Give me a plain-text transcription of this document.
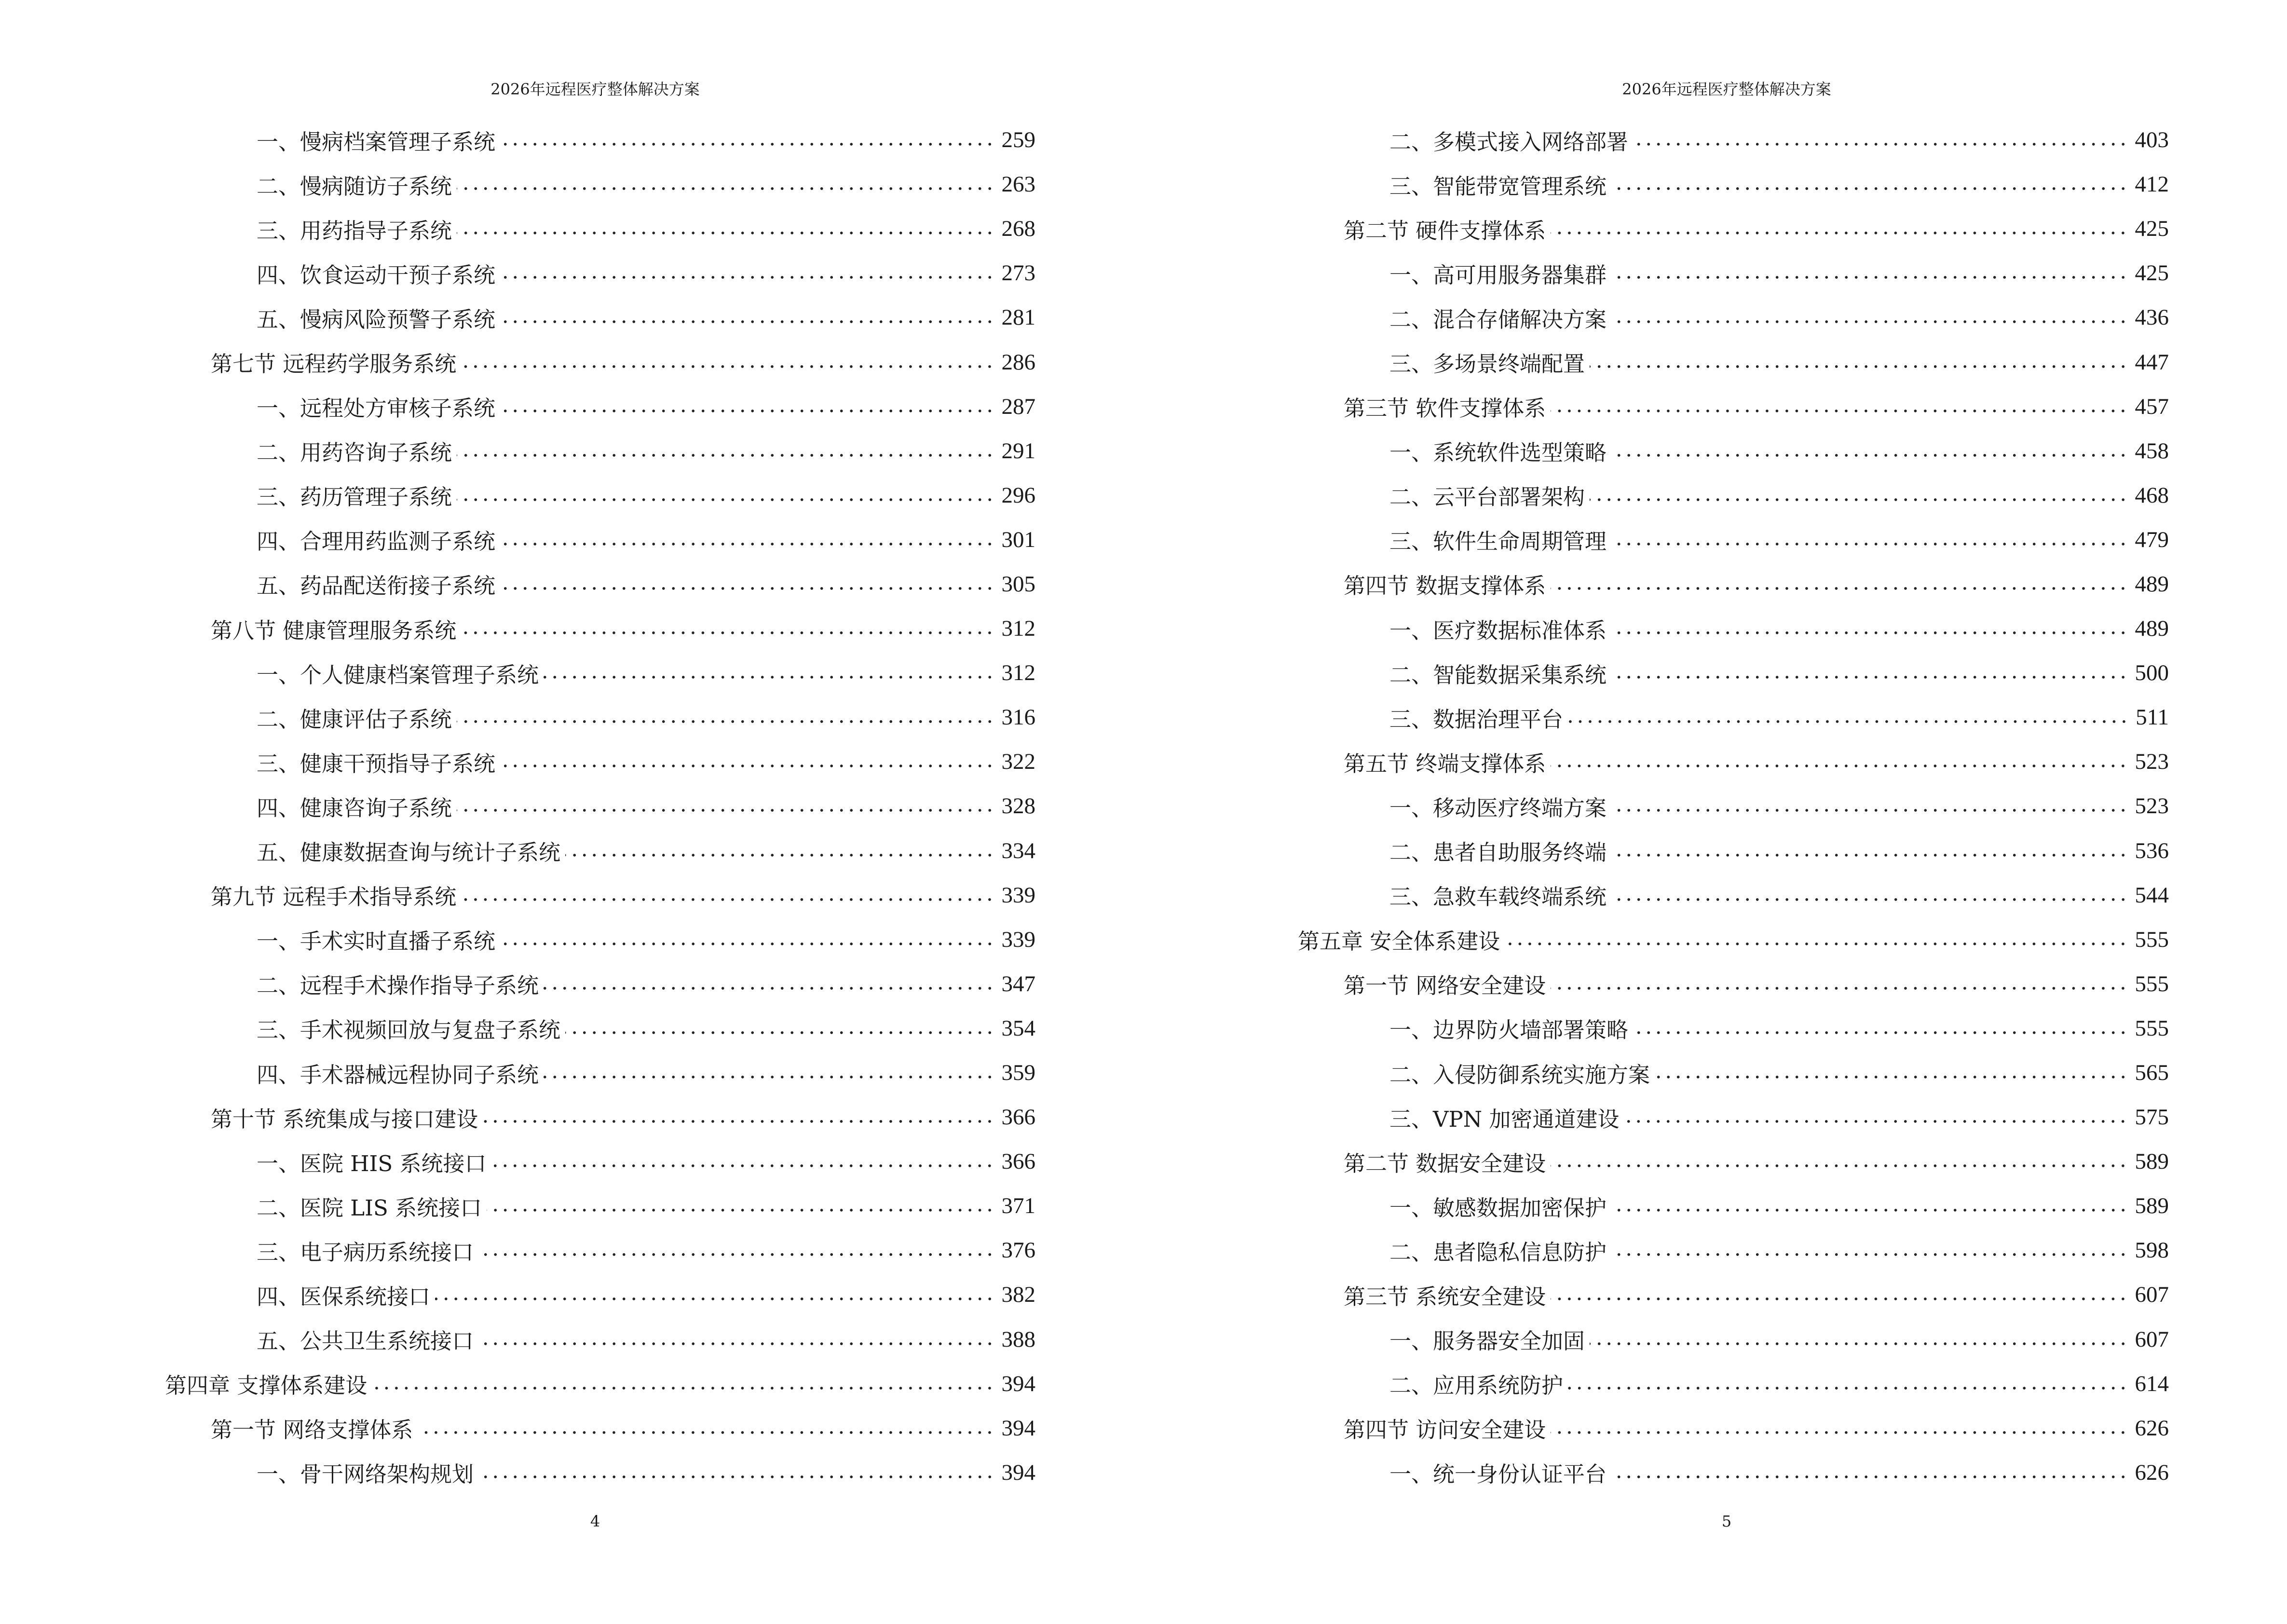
2026年远程医疗整体解决方案
一、慢病档案管理子系统	259
二、慢病随访子系统	263
三、用药指导子系统	268
四、饮食运动干预子系统	273
五、慢病风险预警子系统	281
第七节 远程药学服务系统	286
一、远程处方审核子系统	287
二、用药咨询子系统	291
三、药历管理子系统	296
四、合理用药监测子系统	301
五、药品配送衔接子系统	305
第八节 健康管理服务系统	312
一、个人健康档案管理子系统	312
二、健康评估子系统	316
三、健康干预指导子系统	322
四、健康咨询子系统	328
五、健康数据查询与统计子系统	334
第九节 远程手术指导系统	339
一、手术实时直播子系统	339
二、远程手术操作指导子系统	347
三、手术视频回放与复盘子系统	354
四、手术器械远程协同子系统	359
第十节 系统集成与接口建设	366
一、医院 HIS 系统接口	366
二、医院 LIS 系统接口	371
三、电子病历系统接口	376
四、医保系统接口	382
五、公共卫生系统接口	388
第四章 支撑体系建设	394
第一节 网络支撑体系	394
一、骨干网络架构规划	394
4
2026年远程医疗整体解决方案
二、多模式接入网络部署	403
三、智能带宽管理系统	412
第二节 硬件支撑体系	425
一、高可用服务器集群	425
二、混合存储解决方案	436
三、多场景终端配置	447
第三节 软件支撑体系	457
一、系统软件选型策略	458
二、云平台部署架构	468
三、软件生命周期管理	479
第四节 数据支撑体系	489
一、医疗数据标准体系	489
二、智能数据采集系统	500
三、数据治理平台	511
第五节 终端支撑体系	523
一、移动医疗终端方案	523
二、患者自助服务终端	536
三、急救车载终端系统	544
第五章 安全体系建设	555
第一节 网络安全建设	555
一、边界防火墙部署策略	555
二、入侵防御系统实施方案	565
三、VPN 加密通道建设	575
第二节 数据安全建设	589
一、敏感数据加密保护	589
二、患者隐私信息防护	598
第三节 系统安全建设	607
一、服务器安全加固	607
二、应用系统防护	614
第四节 访问安全建设	626
一、统一身份认证平台	626
5
